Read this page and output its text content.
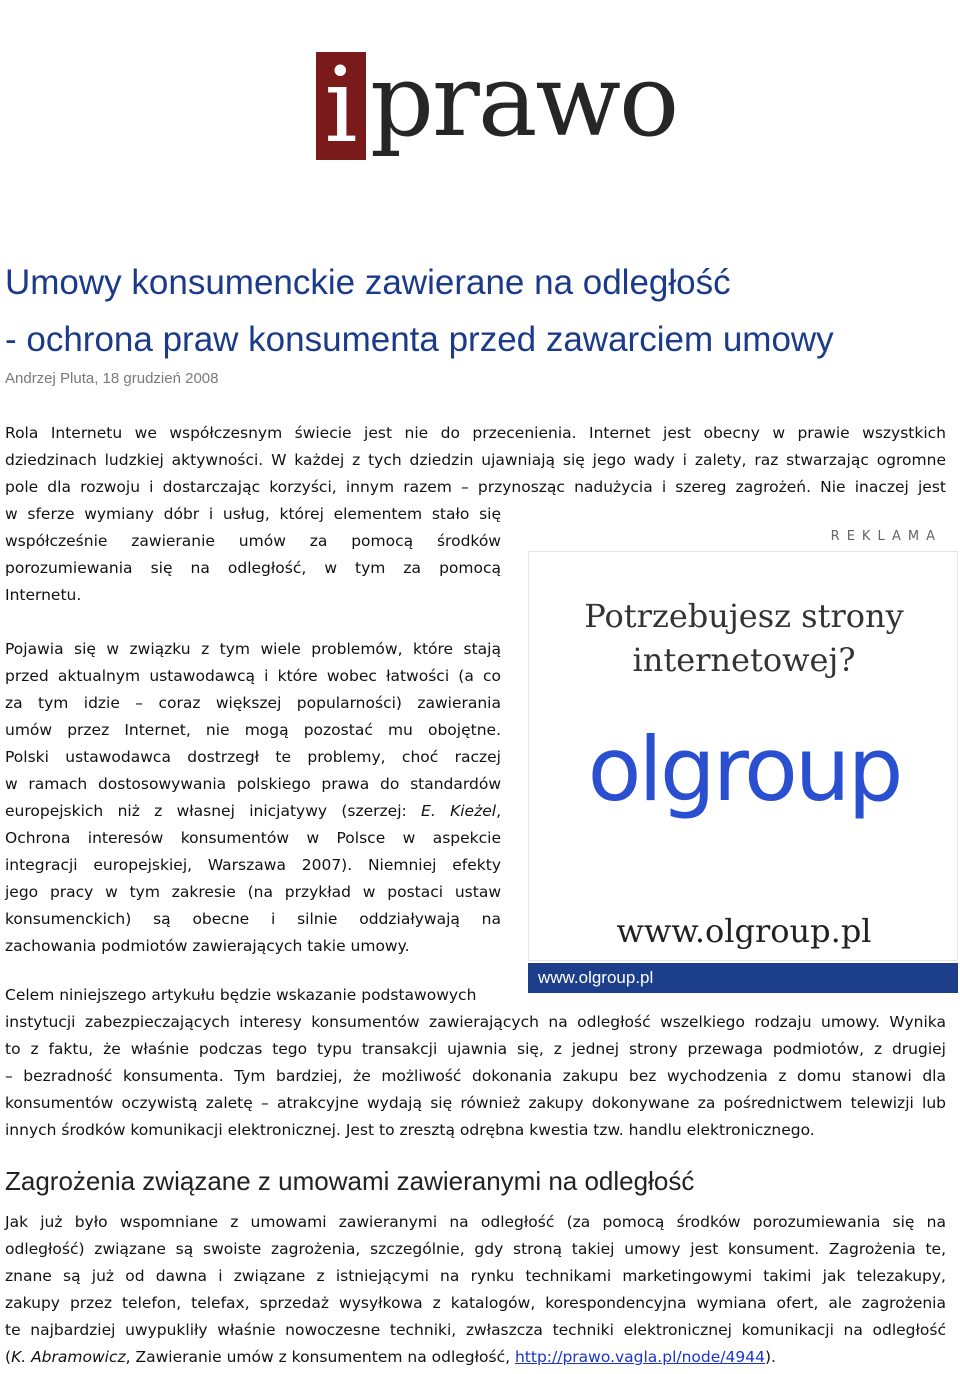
i prawo
Umowy konsumenckie zawierane na odległość
- ochrona praw konsumenta przed zawarciem umowy
Andrzej Pluta, 18 grudzień 2008

Rola Internetu we współczesnym świecie jest nie do przecenienia. Internet jest obecny w prawie wszystkich
dziedzinach ludzkiej aktywności. W każdej z tych dziedzin ujawniają się jego wady i zalety, raz stwarzając ogromne
pole dla rozwoju i dostarczając korzyści, innym razem – przynosząc nadużycia i szereg zagrożeń. Nie inaczej jest

w sferze wymiany dóbr i usług, której elementem stało się
współcześnie zawieranie umów za pomocą środków
porozumiewania się na odległość, w tym za pomocą
Internetu.

Pojawia się w związku z tym wiele problemów, które stają
przed aktualnym ustawodawcą i które wobec łatwości (a co
za tym idzie – coraz większej popularności) zawierania
umów przez Internet, nie mogą pozostać mu obojętne.
Polski ustawodawca dostrzegł te problemy, choć raczej
w ramach dostosowywania polskiego prawa do standardów
europejskich niż z własnej inicjatywy (szerzej: E. Kieżel,
Ochrona interesów konsumentów w Polsce w aspekcie
integracji europejskiej, Warszawa 2007). Niemniej efekty
jego pracy w tym zakresie (na przykład w postaci ustaw
konsumenckich) są obecne i silnie oddziaływają na
zachowania podmiotów zawierających takie umowy.

Celem niniejszego artykułu będzie wskazanie podstawowych

instytucji zabezpieczających interesy konsumentów zawierających na odległość wszelkiego rodzaju umowy. Wynika
to z faktu, że właśnie podczas tego typu transakcji ujawnia się, z jednej strony przewaga podmiotów, z drugiej
– bezradność konsumenta. Tym bardziej, że możliwość dokonania zakupu bez wychodzenia z domu stanowi dla
konsumentów oczywistą zaletę – atrakcyjne wydają się również zakupy dokonywane za pośrednictwem telewizji lub
innych środków komunikacji elektronicznej. Jest to zresztą odrębna kwestia tzw. handlu elektronicznego.

Zagrożenia związane z umowami zawieranymi na odległość

Jak już było wspomniane z umowami zawieranymi na odległość (za pomocą środków porozumiewania się na
odległość) związane są swoiste zagrożenia, szczególnie, gdy stroną takiej umowy jest konsument. Zagrożenia te,
znane są już od dawna i związane z istniejącymi na rynku technikami marketingowymi takimi jak telezakupy,
zakupy przez telefon, telefax, sprzedaż wysyłkowa z katalogów, korespondencyjna wymiana ofert, ale zagrożenia
te najbardziej uwypukliły właśnie nowoczesne techniki, zwłaszcza techniki elektronicznej komunikacji na odległość
(K. Abramowicz, Zawieranie umów z konsumentem na odległość, http://prawo.vagla.pl/node/4944).

REKLAMA
Potrzebujesz strony
internetowej?
olgroup
www.olgroup.pl
www.olgroup.pl
